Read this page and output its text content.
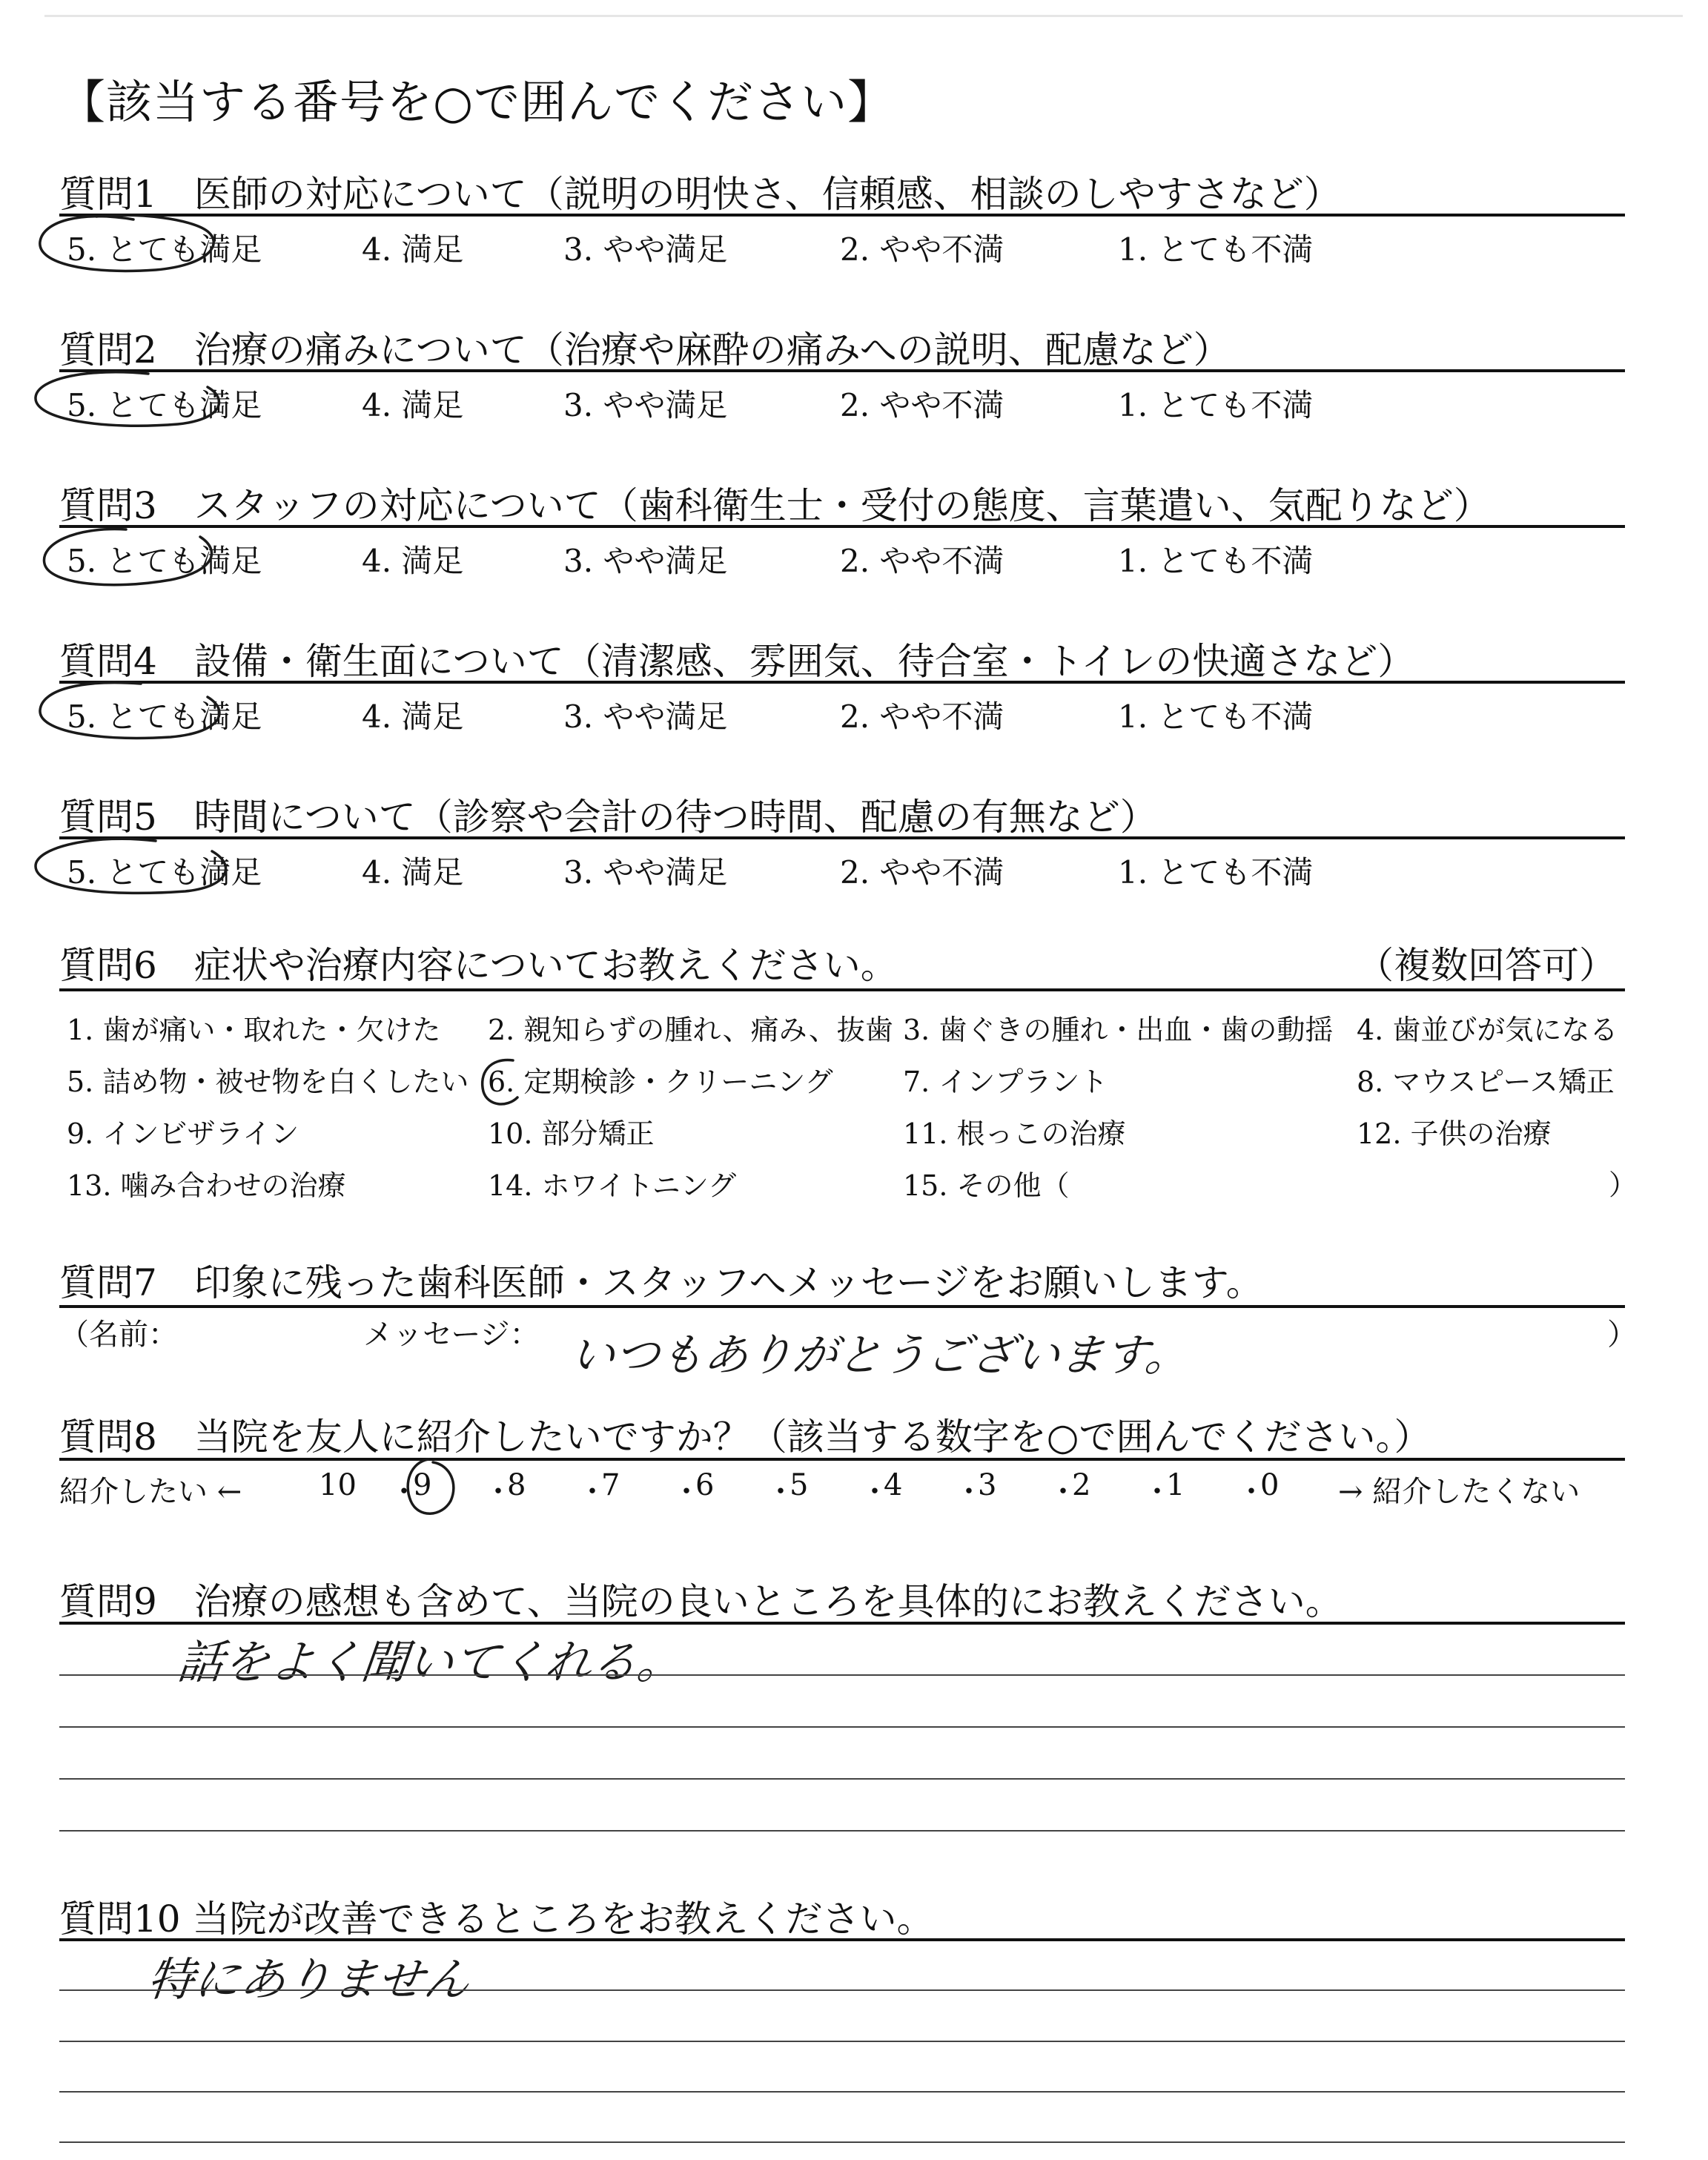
【該当する番号を○で囲んでください】
質問1　医師の対応について（説明の明快さ、信頼感、相談のしやすさなど）
5. とても満足	4. 満足	3. やや満足	2. やや不満	1. とても不満
質問2　治療の痛みについて（治療や麻酔の痛みへの説明、配慮など）
5. とても満足	4. 満足	3. やや満足	2. やや不満	1. とても不満
質問3　スタッフの対応について（歯科衛生士・受付の態度、言葉遣い、気配りなど）
5. とても満足	4. 満足	3. やや満足	2. やや不満	1. とても不満
質問4　設備・衛生面について（清潔感、雰囲気、待合室・トイレの快適さなど）
5. とても満足	4. 満足	3. やや満足	2. やや不満	1. とても不満
質問5　時間について（診察や会計の待つ時間、配慮の有無など）
5. とても満足	4. 満足	3. やや満足	2. やや不満	1. とても不満
質問6　症状や治療内容についてお教えください。	（複数回答可）
1. 歯が痛い・取れた・欠けた 2. 親知らずの腫れ、痛み、抜歯 3. 歯ぐきの腫れ・出血・歯の動揺 4. 歯並びが気になる
5. 詰め物・被せ物を白くしたい 6. 定期検診・クリーニング 7. インプラント	8. マウスピース矯正
9. インビザライン	10. 部分矯正	11. 根っこの治療	12. 子供の治療
13. 噛み合わせの治療	14. ホワイトニング	15. その他（	）
質問7　印象に残った歯科医師・スタッフへメッセージをお願いします。
（名前：	メッセージ： いつもありがとうございます。	）
質問8　当院を友人に紹介したいですか？（該当する数字を○で囲んでください。）
紹介したい ←	→ 紹介したくない
10 ・
9 ・
8 ・
7 ・
6 ・
5 ・
4 ・
3 ・
2 ・
1 ・
0
質問9　治療の感想も含めて、当院の良いところを具体的にお教えください。
話をよく聞いてくれる。
質問10 当院が改善できるところをお教えください。
特にありません
